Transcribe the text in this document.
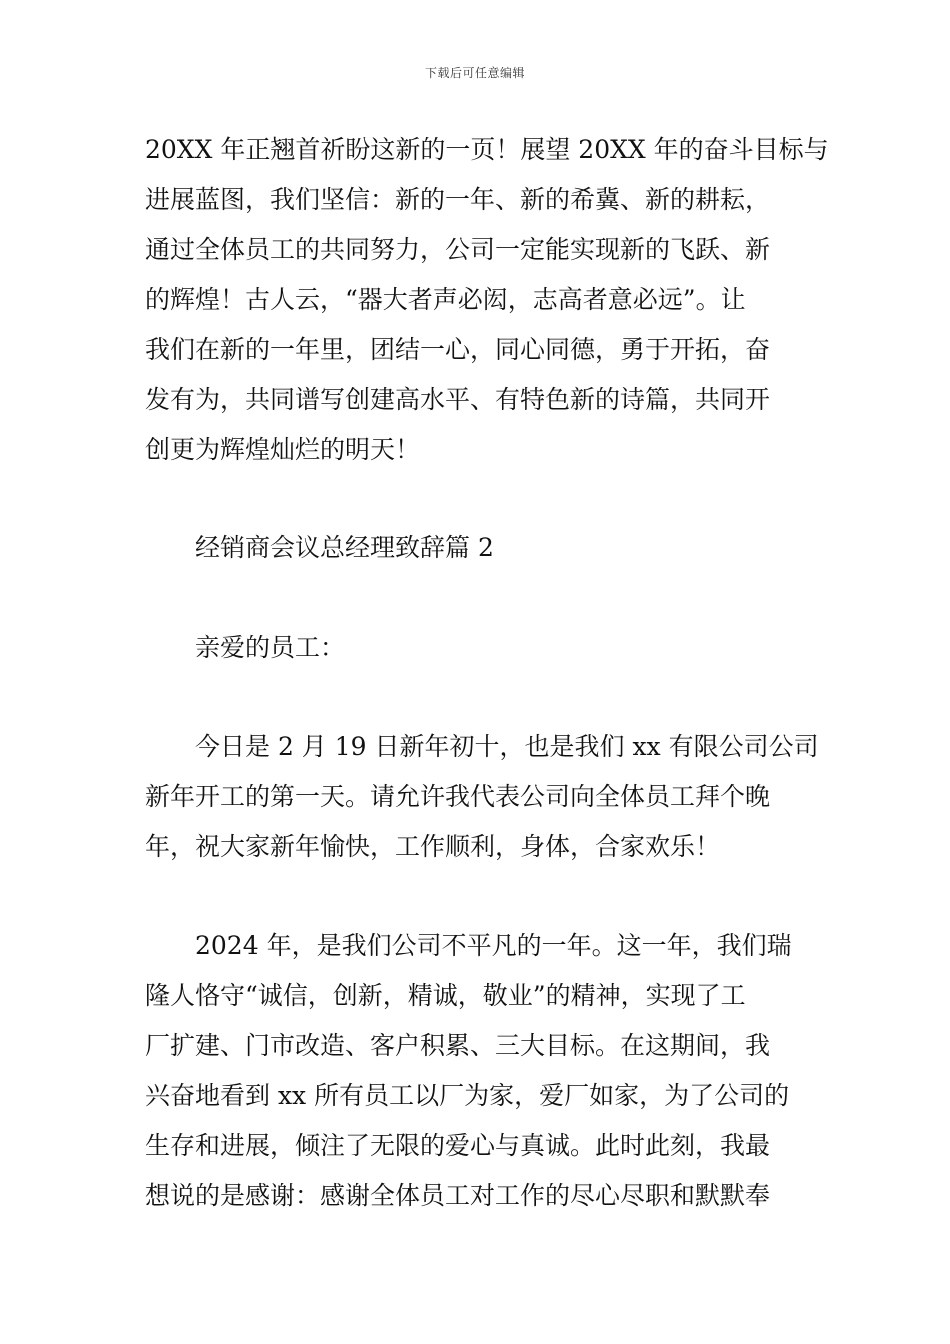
下载后可任意编辑
20XX 年正翘首祈盼这新的一页！展望 20XX 年的奋斗目标与
进展蓝图，我们坚信：新的一年、新的希冀、新的耕耘，
通过全体员工的共同努力，公司一定能实现新的飞跃、新
的辉煌！古人云，“器大者声必闳，志高者意必远”。让
我们在新的一年里，团结一心，同心同德，勇于开拓，奋
发有为，共同谱写创建高水平、有特色新的诗篇，共同开
创更为辉煌灿烂的明天！
经销商会议总经理致辞篇 2
亲爱的员工：
今日是 2 月 19 日新年初十，也是我们 xx 有限公司公司
新年开工的第一天。请允许我代表公司向全体员工拜个晚
年，祝大家新年愉快，工作顺利，身体，合家欢乐！
2024 年，是我们公司不平凡的一年。这一年，我们瑞
隆人恪守“诚信，创新，精诚，敬业”的精神，实现了工
厂扩建、门市改造、客户积累、三大目标。在这期间，我
兴奋地看到 xx 所有员工以厂为家，爱厂如家，为了公司的
生存和进展，倾注了无限的爱心与真诚。此时此刻，我最
想说的是感谢：感谢全体员工对工作的尽心尽职和默默奉
